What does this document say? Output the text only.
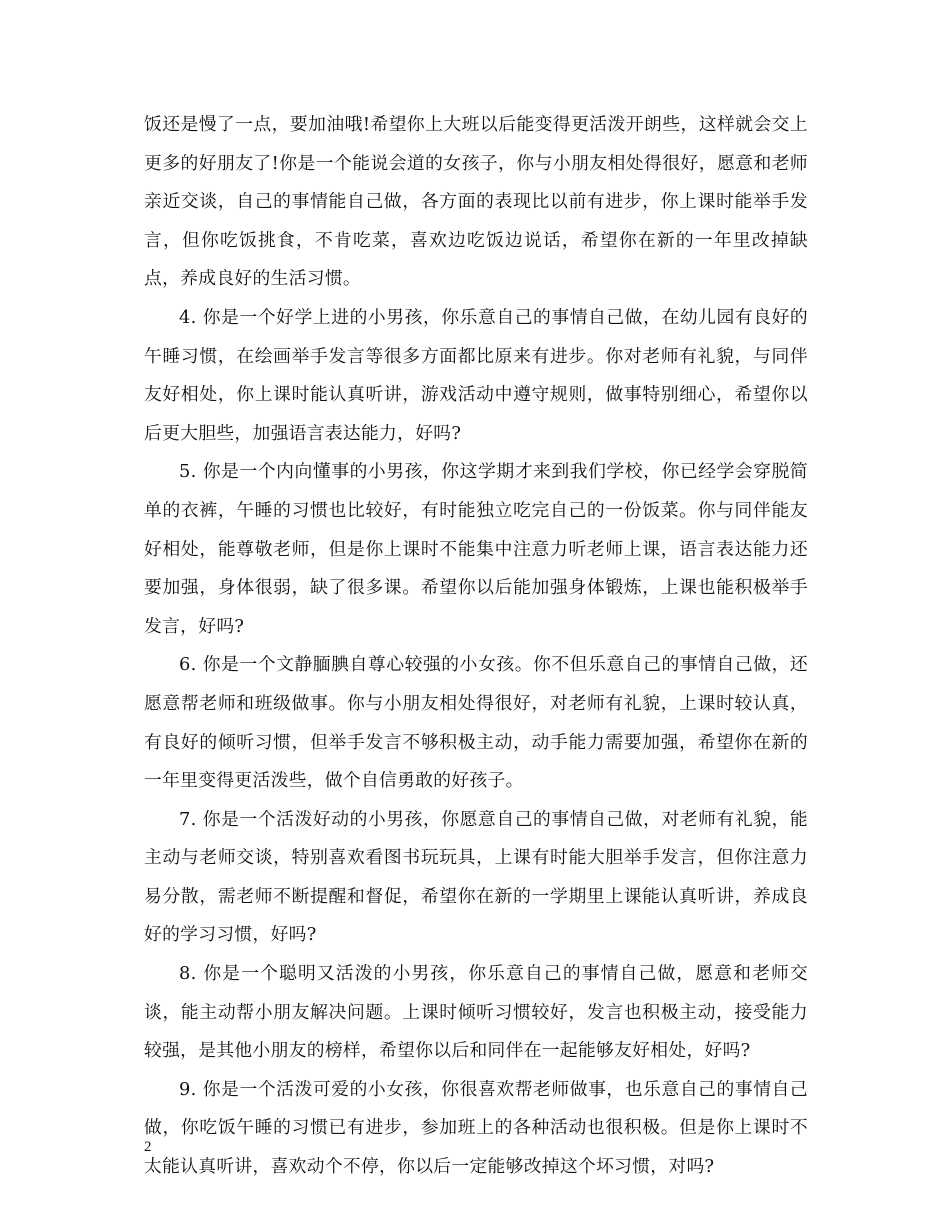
饭还是慢了一点，要加油哦!希望你上大班以后能变得更活泼开朗些，这样就会交上更多的好朋友了!你是一个能说会道的女孩子，你与小朋友相处得很好，愿意和老师亲近交谈，自己的事情能自己做，各方面的表现比以前有进步，你上课时能举手发言，但你吃饭挑食，不肯吃菜，喜欢边吃饭边说话，希望你在新的一年里改掉缺点，养成良好的生活习惯。

4. 你是一个好学上进的小男孩，你乐意自己的事情自己做，在幼儿园有良好的午睡习惯，在绘画举手发言等很多方面都比原来有进步。你对老师有礼貌，与同伴友好相处，你上课时能认真听讲，游戏活动中遵守规则，做事特别细心，希望你以后更大胆些，加强语言表达能力，好吗?

5. 你是一个内向懂事的小男孩，你这学期才来到我们学校，你已经学会穿脱简单的衣裤，午睡的习惯也比较好，有时能独立吃完自己的一份饭菜。你与同伴能友好相处，能尊敬老师，但是你上课时不能集中注意力听老师上课，语言表达能力还要加强，身体很弱，缺了很多课。希望你以后能加强身体锻炼，上课也能积极举手发言，好吗?

6. 你是一个文静腼腆自尊心较强的小女孩。你不但乐意自己的事情自己做，还愿意帮老师和班级做事。你与小朋友相处得很好，对老师有礼貌，上课时较认真，有良好的倾听习惯，但举手发言不够积极主动，动手能力需要加强，希望你在新的一年里变得更活泼些，做个自信勇敢的好孩子。

7. 你是一个活泼好动的小男孩，你愿意自己的事情自己做，对老师有礼貌，能主动与老师交谈，特别喜欢看图书玩玩具，上课有时能大胆举手发言，但你注意力易分散，需老师不断提醒和督促，希望你在新的一学期里上课能认真听讲，养成良好的学习习惯，好吗?

8. 你是一个聪明又活泼的小男孩，你乐意自己的事情自己做，愿意和老师交谈，能主动帮小朋友解决问题。上课时倾听习惯较好，发言也积极主动，接受能力较强，是其他小朋友的榜样，希望你以后和同伴在一起能够友好相处，好吗?

9. 你是一个活泼可爱的小女孩，你很喜欢帮老师做事，也乐意自己的事情自己做，你吃饭午睡的习惯已有进步，参加班上的各种活动也很积极。但是你上课时不太能认真听讲，喜欢动个不停，你以后一定能够改掉这个坏习惯，对吗?

2
